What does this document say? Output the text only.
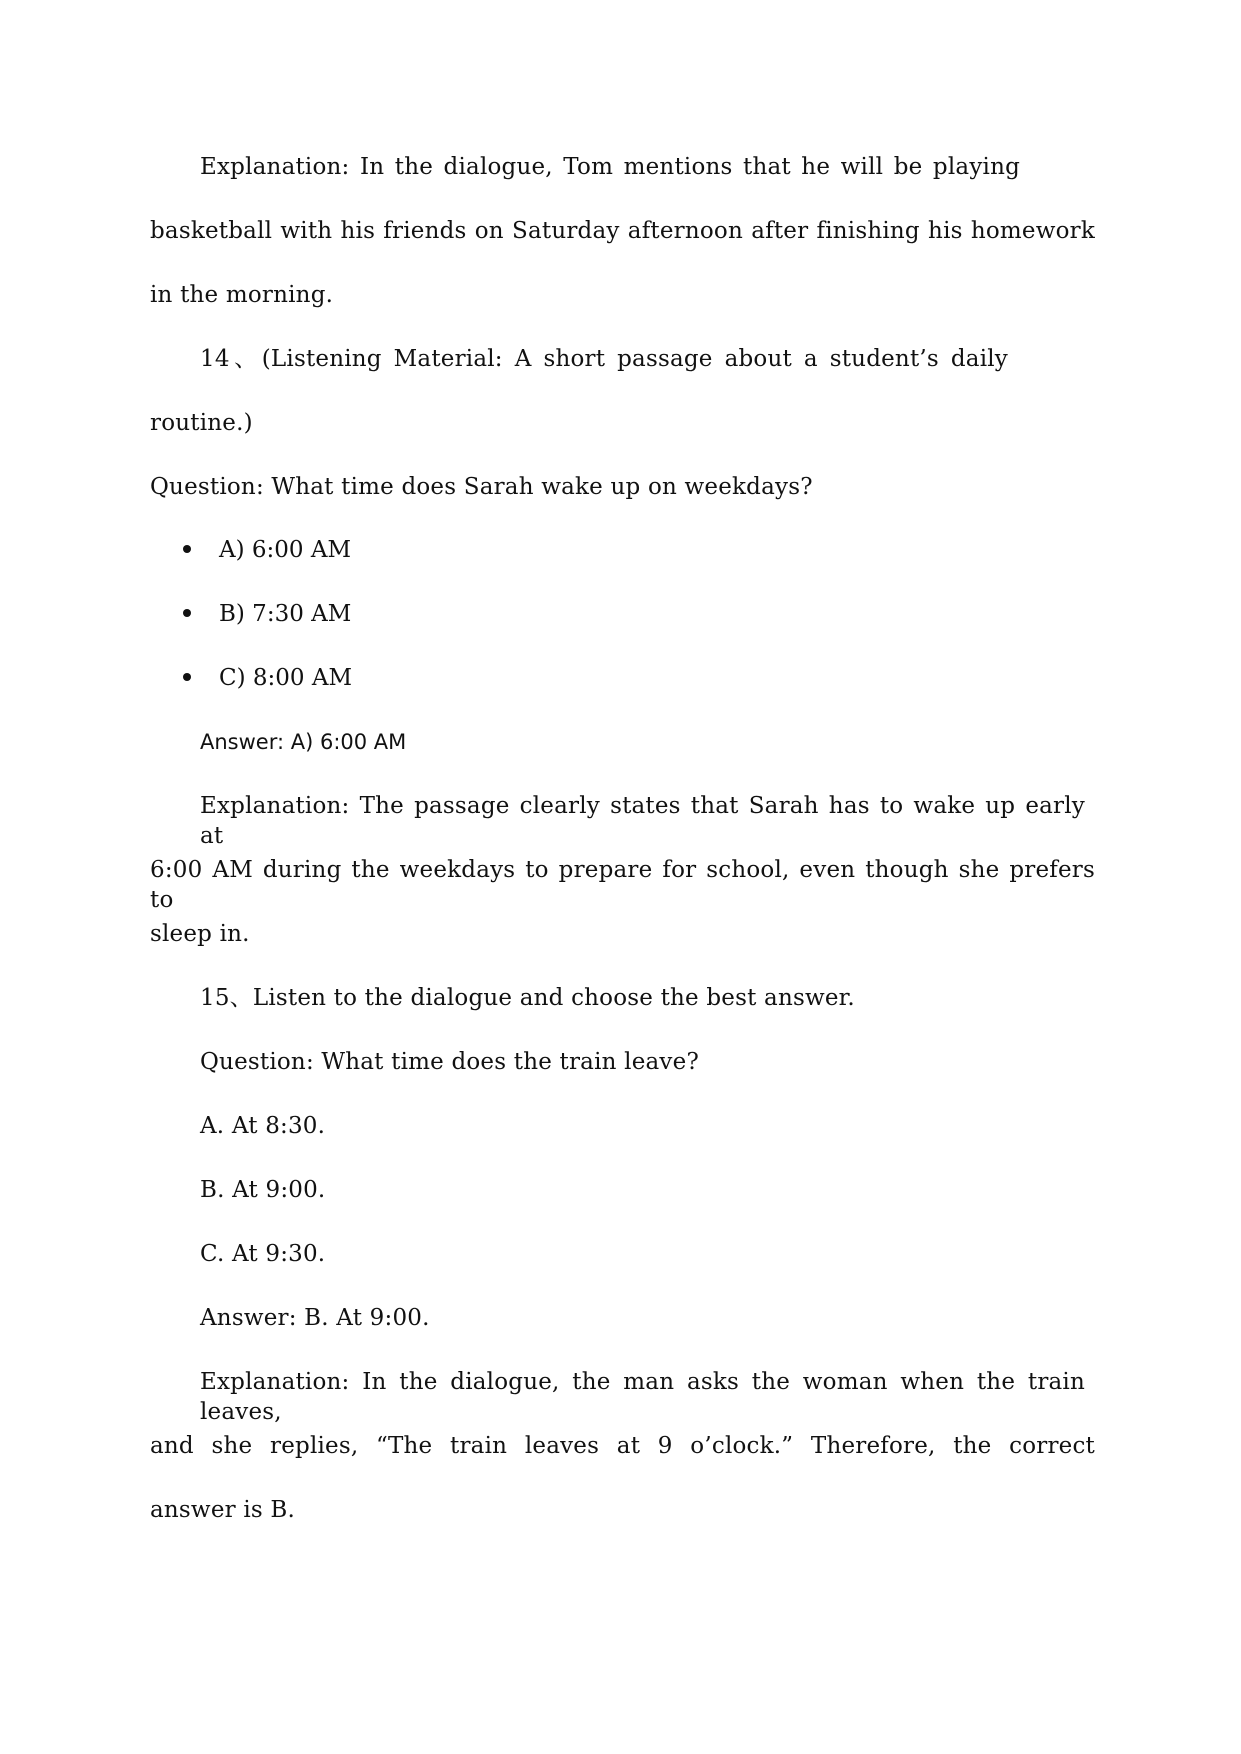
Explanation: In the dialogue, Tom mentions that he will be playing
basketball with his friends on Saturday afternoon after finishing his homework
in the morning.
14、(Listening Material: A short passage about a student’s daily
routine.)
Question: What time does Sarah wake up on weekdays?
A) 6:00 AM
B) 7:30 AM
C) 8:00 AM
Answer: A) 6:00 AM
Explanation: The passage clearly states that Sarah has to wake up early at
6:00 AM during the weekdays to prepare for school, even though she prefers to
sleep in.
15、Listen to the dialogue and choose the best answer.
Question: What time does the train leave?
A. At 8:30.
B. At 9:00.
C. At 9:30.
Answer: B. At 9:00.
Explanation: In the dialogue, the man asks the woman when the train leaves,
and she replies, “The train leaves at 9 o’clock.” Therefore, the correct
answer is B.
